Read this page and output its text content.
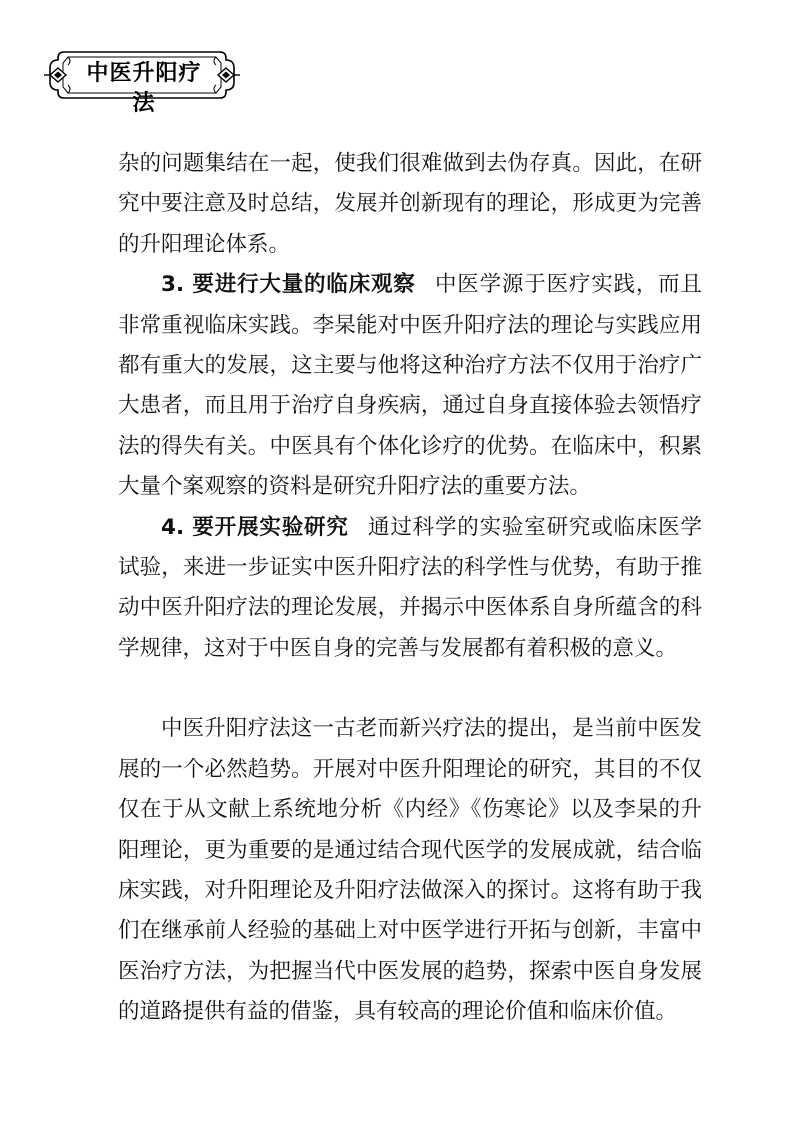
中医升阳疗法

杂的问题集结在一起，使我们很难做到去伪存真。因此，在研究中要注意及时总结，发展并创新现有的理论，形成更为完善的升阳理论体系。

3. 要进行大量的临床观察 中医学源于医疗实践，而且非常重视临床实践。李杲能对中医升阳疗法的理论与实践应用都有重大的发展，这主要与他将这种治疗方法不仅用于治疗广大患者，而且用于治疗自身疾病，通过自身直接体验去领悟疗法的得失有关。中医具有个体化诊疗的优势。在临床中，积累大量个案观察的资料是研究升阳疗法的重要方法。

4. 要开展实验研究 通过科学的实验室研究或临床医学试验，来进一步证实中医升阳疗法的科学性与优势，有助于推动中医升阳疗法的理论发展，并揭示中医体系自身所蕴含的科学规律，这对于中医自身的完善与发展都有着积极的意义。

中医升阳疗法这一古老而新兴疗法的提出，是当前中医发展的一个必然趋势。开展对中医升阳理论的研究，其目的不仅仅在于从文献上系统地分析《内经》《伤寒论》以及李杲的升阳理论，更为重要的是通过结合现代医学的发展成就，结合临床实践，对升阳理论及升阳疗法做深入的探讨。这将有助于我们在继承前人经验的基础上对中医学进行开拓与创新，丰富中医治疗方法，为把握当代中医发展的趋势，探索中医自身发展的道路提供有益的借鉴，具有较高的理论价值和临床价值。
